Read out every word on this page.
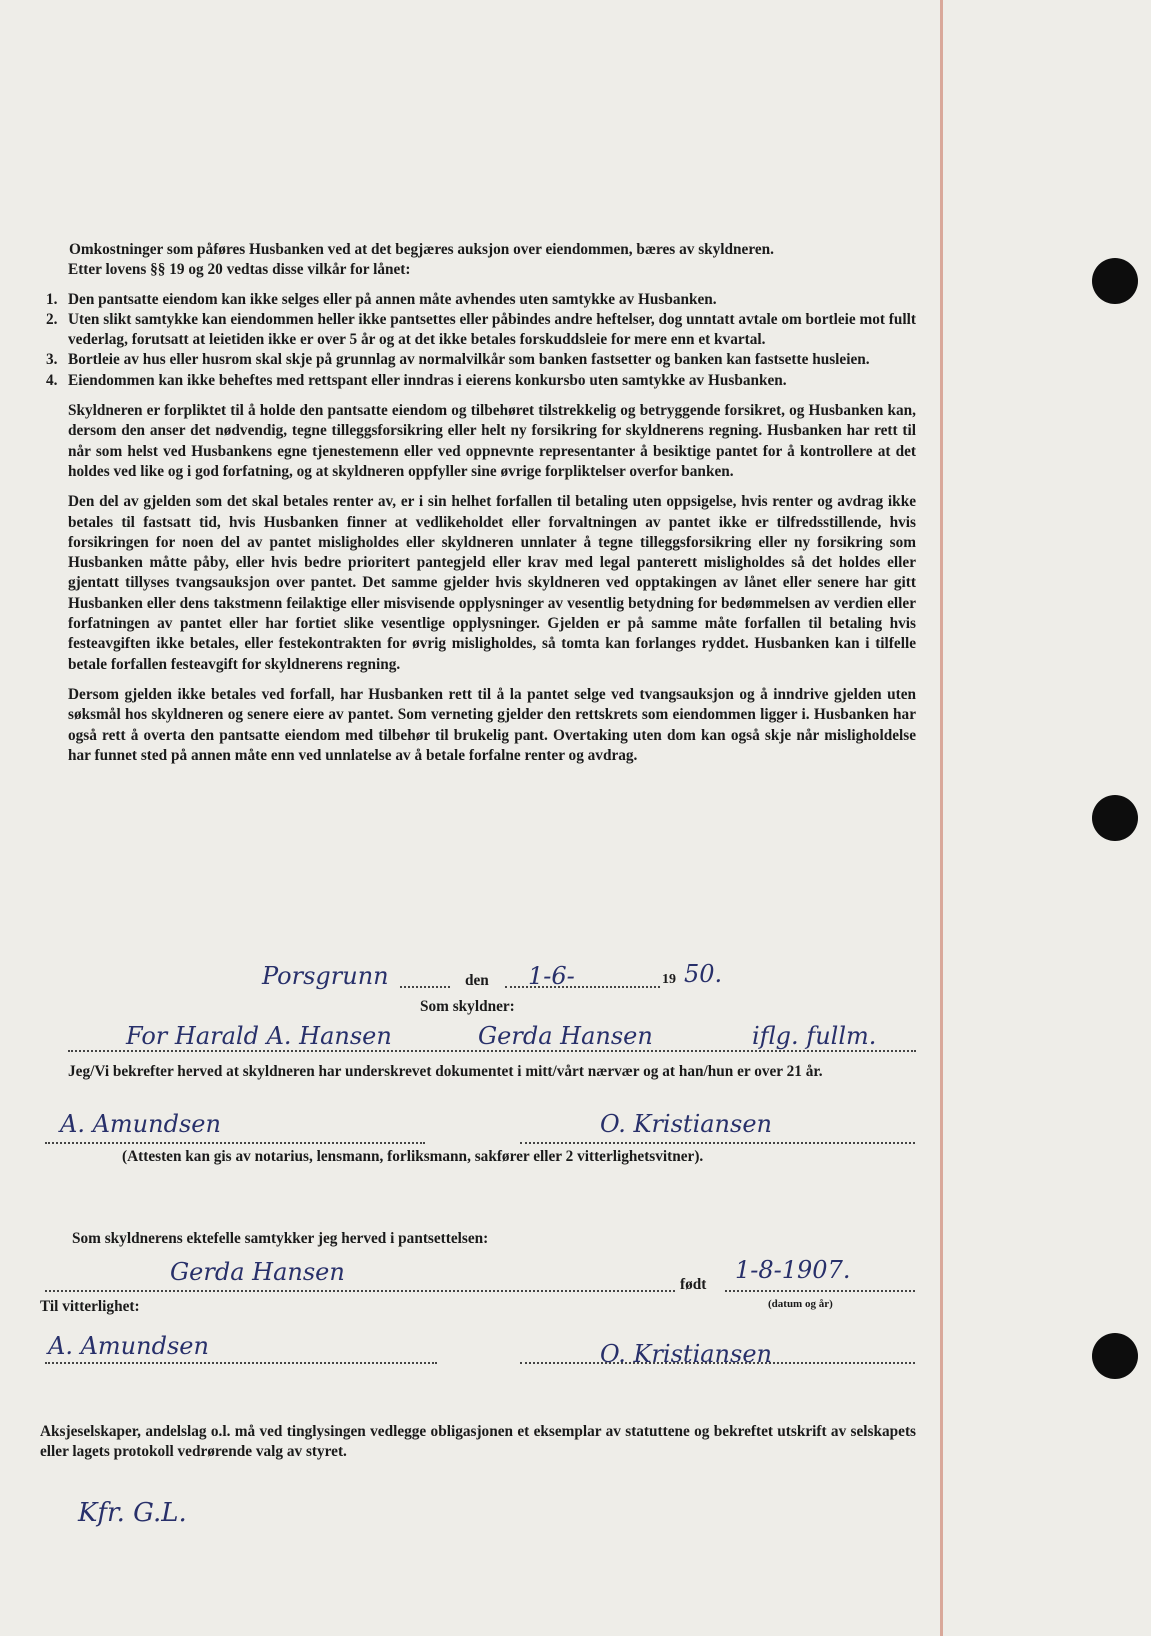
Omkostninger som påføres Husbanken ved at det begjæres auksjon over eiendommen, bæres av skyldneren.
Etter lovens §§ 19 og 20 vedtas disse vilkår for lånet:
1. Den pantsatte eiendom kan ikke selges eller på annen måte avhendes uten samtykke av Husbanken.
2. Uten slikt samtykke kan eiendommen heller ikke pantsettes eller påbindes andre heftelser, dog unntatt avtale om bortleie mot fullt vederlag, forutsatt at leietiden ikke er over 5 år og at det ikke betales forskuddsleie for mere enn et kvartal.
3. Bortleie av hus eller husrom skal skje på grunnlag av normalvilkår som banken fastsetter og banken kan fastsette husleien.
4. Eiendommen kan ikke beheftes med rettspant eller inndras i eierens konkursbo uten samtykke av Husbanken.
Skyldneren er forpliktet til å holde den pantsatte eiendom og tilbehøret tilstrekkelig og betryggende forsikret, og Husbanken kan, dersom den anser det nødvendig, tegne tilleggsforsikring eller helt ny forsikring for skyldnerens regning. Husbanken har rett til når som helst ved Husbankens egne tjenestemenn eller ved oppnevnte representanter å besiktige pantet for å kontrollere at det holdes ved like og i god forfatning, og at skyldneren oppfyller sine øvrige forpliktelser overfor banken.
Den del av gjelden som det skal betales renter av, er i sin helhet forfallen til betaling uten oppsigelse, hvis renter og avdrag ikke betales til fastsatt tid, hvis Husbanken finner at vedlikeholdet eller forvaltningen av pantet ikke er tilfredsstillende, hvis forsikringen for noen del av pantet misligholdes eller skyldneren unnlater å tegne tilleggsforsikring eller ny forsikring som Husbanken måtte påby, eller hvis bedre prioritert pantegjeld eller krav med legal panterett misligholdes så det holdes eller gjentatt tillyses tvangsauksjon over pantet. Det samme gjelder hvis skyldneren ved opptakingen av lånet eller senere har gitt Husbanken eller dens takstmenn feilaktige eller misvisende opplysninger av vesentlig betydning for bedømmelsen av verdien eller forfatningen av pantet eller har fortiet slike vesentlige opplysninger. Gjelden er på samme måte forfallen til betaling hvis festeavgiften ikke betales, eller festekontrakten for øvrig misligholdes, så tomta kan forlanges ryddet. Husbanken kan i tilfelle betale forfallen festeavgift for skyldnerens regning.
Dersom gjelden ikke betales ved forfall, har Husbanken rett til å la pantet selge ved tvangsauksjon og å inndrive gjelden uten søksmål hos skyldneren og senere eiere av pantet. Som verneting gjelder den rettskrets som eiendommen ligger i. Husbanken har også rett å overta den pantsatte eiendom med tilbehør til brukelig pant. Overtaking uten dom kan også skje når misligholdelse har funnet sted på annen måte enn ved unnlatelse av å betale forfalne renter og avdrag.
Porsgrunn	den 1-6-	19 50.
Som skyldner:
For Harald A. Hansen	Gerda Hansen	iflg. fullm.
Jeg/Vi bekrefter herved at skyldneren har underskrevet dokumentet i mitt/vårt nærvær og at han/hun er over 21 år.
A. Amundsen	O. Kristiansen
(Attesten kan gis av notarius, lensmann, forliksmann, sakfører eller 2 vitterlighetsvitner).
Som skyldnerens ektefelle samtykker jeg herved i pantsettelsen:
Gerda Hansen	født
1-8-1907.
(datum og år)
Til vitterlighet:
A. Amundsen	O. Kristiansen
Aksjeselskaper, andelslag o.l. må ved tinglysingen vedlegge obligasjonen et eksemplar av statuttene og bekreftet utskrift av selskapets eller lagets protokoll vedrørende valg av styret.
Kfr. G.L.
